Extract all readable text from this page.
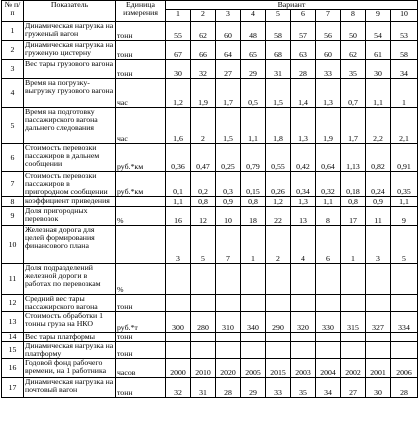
№ п/п	Показатель	Единица измерения	Вариант									
			1	2	3	4	5	6	7	8	9	10
1	Динамическая нагрузка на груженый вагон	тонн	55	62	60	48	58	57	56	50	54	53
2	Динамическая нагрузка на груженую цистерну	тонн	67	66	64	65	68	63	60	62	61	58
3	Вес тары грузового вагона	тонн	30	32	27	29	31	28	33	35	30	34
4	Время на погрузку-выгрузку грузового вагона	час	1,2	1,9	1,7	0,5	1,5	1,4	1,3	0,7	1,1	1
5	Время на подготовку пассажирского вагона дальнего следования	час	1,6	2	1,5	1,1	1,8	1,3	1,9	1,7	2,2	2,1
6	Стоимость перевозки пассажиров в дальнем сообщении	руб.*км	0,36	0,47	0,25	0,79	0,55	0,42	0,64	1,13	0,82	0,91
7	Стоимость перевозки пассажиров в пригородном сообщении	руб.*км	0,1	0,2	0,3	0,15	0,26	0,34	0,32	0,18	0,24	0,35
8	коэффициент приведения		1,1	0,8	0,9	0,8	1,2	1,3	1,1	0,8	0,9	1,1
9	Доля пригородных перевозок	%	16	12	10	18	22	13	8	17	11	9
10	Железная дорога для целей формирования финансового плана		3	5	7	1	2	4	6	1	3	5
11	Доля подразделений железной дороги в работах по перевозкам	%										
12	Средний вес тары пассажирского вагона	тонн										
13	Стоимость обработки 1 тонны груза на НКО	руб.*т	300	280	310	340	290	320	330	315	327	334
14	Вес тары платформы	тонн										
15	Динамическая нагрузка на платформу	тонн										
16	Годовой фонд рабочего времени, на 1 работника	часов	2000	2010	2020	2005	2015	2003	2004	2002	2001	2006
17	Динамическая нагрузка на почтовый вагон	тонн	32	31	28	29	33	35	34	27	30	28
